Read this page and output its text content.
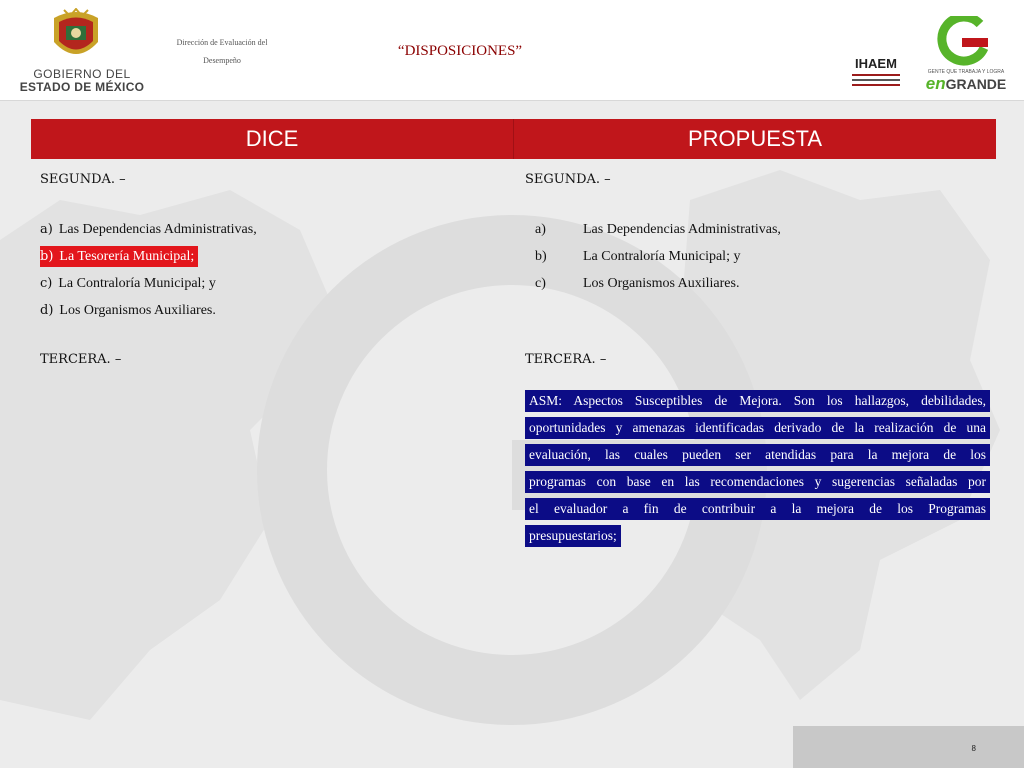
GOBIERNO DEL
ESTADO DE MÉXICO
Dirección de Evaluación del
Desempeño
“DISPOSICIONES”
IHAEM
GENTE QUE TRABAJA Y LOGRA
enGRANDE
DICE	PROPUESTA
SEGUNDA. –
a) Las Dependencias Administrativas,
b) La Tesorería Municipal;
c) La Contraloría Municipal; y
d) Los Organismos Auxiliares.
TERCERA. –
SEGUNDA. –
a)	Las Dependencias Administrativas,
b)	La Contraloría Municipal; y
c)	Los Organismos Auxiliares.
TERCERA. –
ASM: Aspectos Susceptibles de Mejora. Son los hallazgos, debilidades,
oportunidades y amenazas identificadas derivado de la realización de una
evaluación, las cuales pueden ser atendidas para la mejora de los
programas con base en las recomendaciones y sugerencias señaladas por
el evaluador a fin de contribuir a la mejora de los Programas
presupuestarios;
8
